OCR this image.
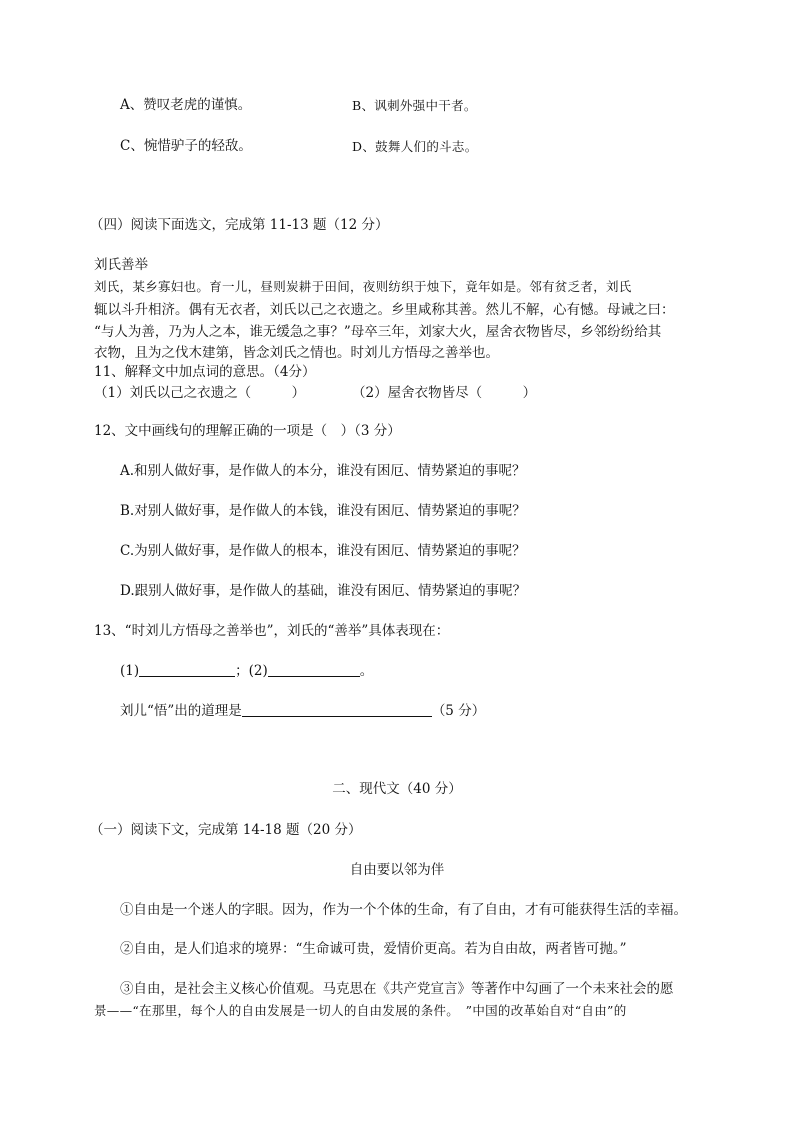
A、赞叹老虎的谨慎。	B、讽刺外强中干者。
C、惋惜驴子的轻敌。	D、鼓舞人们的斗志。
（四）阅读下面选文，完成第 11-13 题（12 分）
刘氏善举
刘氏，某乡寡妇也。育一儿，昼则炭耕于田间，夜则纺织于烛下，竟年如是。邻有贫乏者，刘氏
辄以斗升相济。偶有无衣者，刘氏以己之衣遗之。乡里咸称其善。然儿不解，心有憾。母诫之曰：
“与人为善，乃为人之本，谁无缓急之事？”母卒三年，刘家大火，屋舍衣物皆尽，乡邻纷纷给其
衣物，且为之伐木建第，皆念刘氏之情也。时刘儿方悟母之善举也。
11、解释文中加点词的意思。（4分）
（1）刘氏以己之衣遗之（　　　）	（2）屋舍衣物皆尽（　　　）
12、文中画线句的理解正确的一项是（　）（3 分）
A.和别人做好事，是作做人的本分，谁没有困厄、情势紧迫的事呢？
B.对别人做好事，是作做人的本钱，谁没有困厄、情势紧迫的事呢？
C.为别人做好事，是作做人的根本，谁没有困厄、情势紧迫的事呢？
D.跟别人做好事，是作做人的基础，谁没有困厄、情势紧迫的事呢？
13、“时刘儿方悟母之善举也”，刘氏的“善举”具体表现在：
(1)	；(2)	。
刘儿“悟”出的道理是	（5 分）
二、现代文（40 分）
（一）阅读下文，完成第 14-18 题（20 分）
自由要以邻为伴
①自由是一个迷人的字眼。因为，作为一个个体的生命，有了自由，才有可能获得生活的幸福。
②自由，是人们追求的境界：“生命诚可贵，爱情价更高。若为自由故，两者皆可抛。”
③自由，是社会主义核心价值观。马克思在《共产党宣言》等著作中勾画了一个未来社会的愿
景——“在那里，每个人的自由发展是一切人的自由发展的条件。　”中国的改革始自对“自由”的
